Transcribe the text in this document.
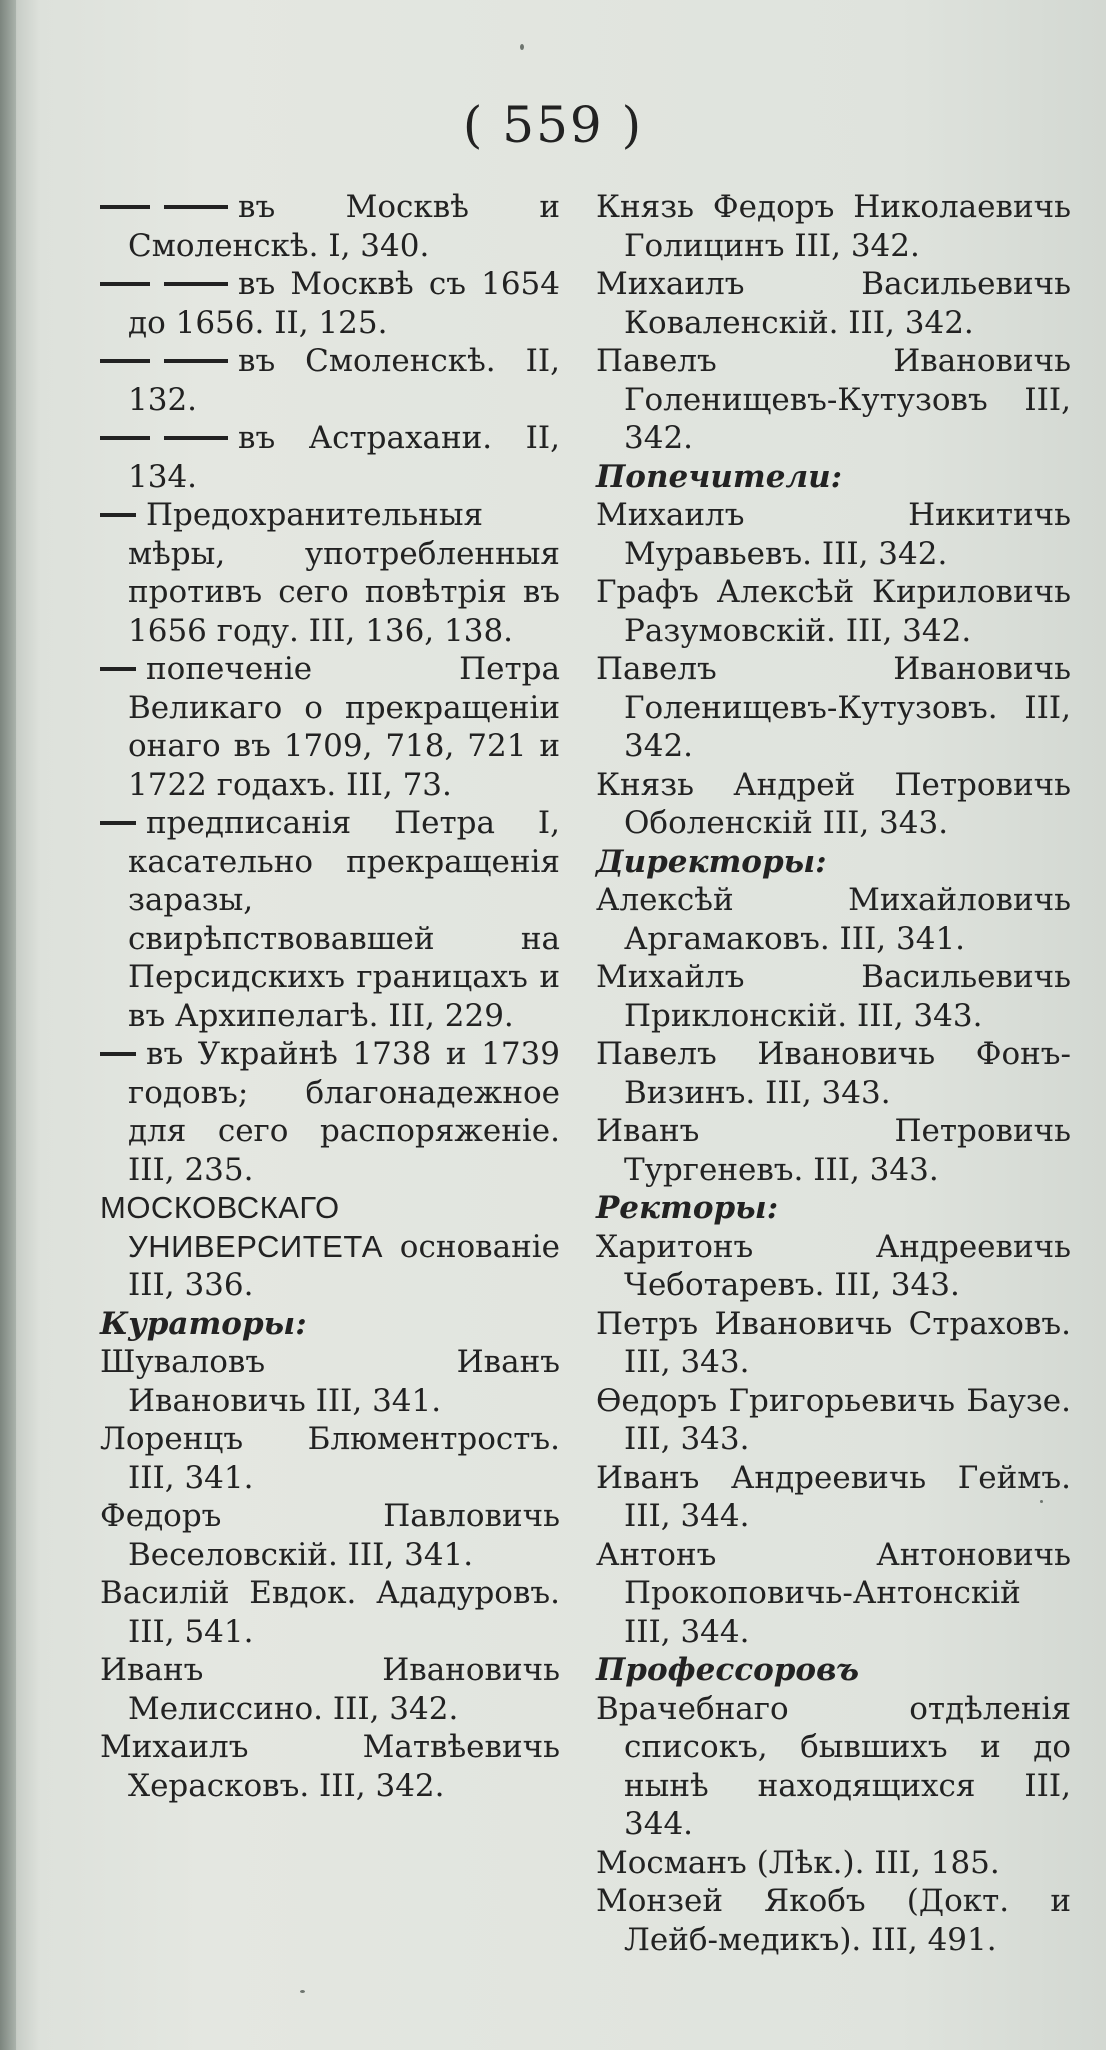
( 559 )
въ Москвѣ и Смоленскѣ. I, 340.
въ Москвѣ съ 1654 до 1656. II, 125.
въ Смоленскѣ. II, 132.
въ Астрахани. II, 134.
Предохранительныя мѣры, употребленныя противъ сего повѣтрія въ 1656 году. III, 136, 138.
попеченіе Петра Великаго о прекращеніи онаго въ 1709, 718, 721 и 1722 годахъ. III, 73.
предписанія Петра I, касательно прекращенія заразы, свирѣпствовавшей на Персидскихъ границахъ и въ Архипелагѣ. III, 229.
въ Украйнѣ 1738 и 1739 годовъ; благонадежное для сего распоряженіе. III, 235.
МОСКОВСКАГО УНИВЕРСИТЕТА основаніе III, 336.
Кураторы:
Шуваловъ Иванъ Ивановичь III, 341.
Лоренцъ Блюментростъ. III, 341.
Федоръ Павловичь Веселовскій. III, 341.
Василій Евдок. Ададуровъ. III, 541.
Иванъ Ивановичь Мелиссино. III, 342.
Михаилъ Матвѣевичь Херасковъ. III, 342.
Князь Федоръ Николаевичь Голицинъ III, 342.
Михаилъ Васильевичь Коваленскій. III, 342.
Павелъ Ивановичь Голенищевъ-Кутузовъ III, 342.
Попечители:
Михаилъ Никитичь Муравьевъ. III, 342.
Графъ Алексѣй Кириловичь Разумовскій. III, 342.
Павелъ Ивановичь Голенищевъ-Кутузовъ. III, 342.
Князь Андрей Петровичь Оболенскій III, 343.
Директоры:
Алексѣй Михайловичь Аргамаковъ. III, 341.
Михайлъ Васильевичь Приклонскій. III, 343.
Павелъ Ивановичь Фонъ-Визинъ. III, 343.
Иванъ Петровичь Тургеневъ. III, 343.
Ректоры:
Харитонъ Андреевичь Чеботаревъ. III, 343.
Петръ Ивановичь Страховъ. III, 343.
Ѳедоръ Григорьевичь Бaузе. III, 343.
Иванъ Андреевичь Геймъ. III, 344.
Антонъ Антоновичь Прокоповичь-Антонскій III, 344.
Профессоровъ
Врачебнаго отдѣленія списокъ, бывшихъ и до нынѣ находящихся III, 344.
Мосманъ (Лѣк.). III, 185.
Монзей Якобъ (Докт. и Лейб-медикъ). III, 491.
